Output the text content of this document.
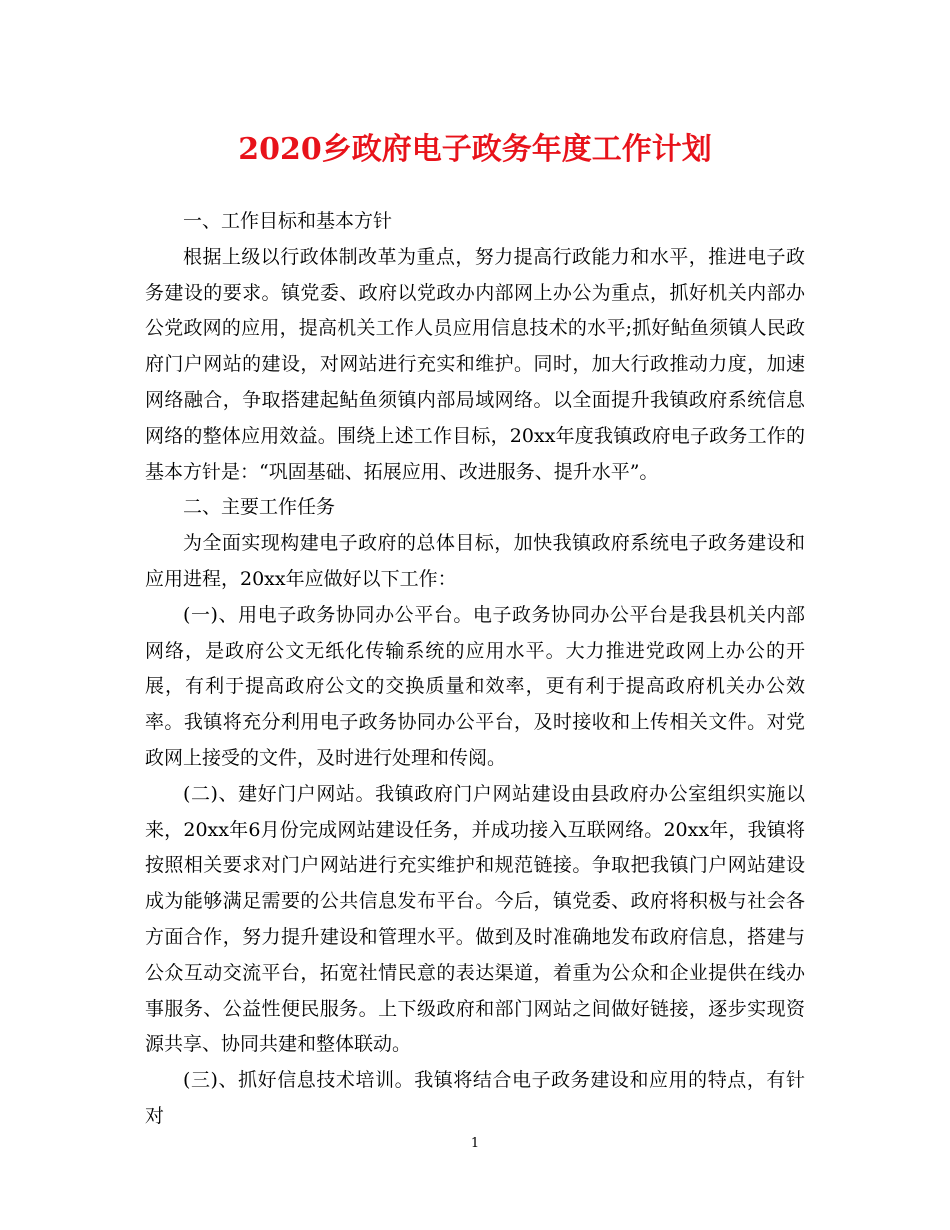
2020乡政府电子政务年度工作计划

一、工作目标和基本方针

根据上级以行政体制改革为重点，努力提高行政能力和水平，推进电子政务建设的要求。镇党委、政府以党政办内部网上办公为重点，抓好机关内部办公党政网的应用，提高机关工作人员应用信息技术的水平;抓好鲇鱼须镇人民政府门户网站的建设，对网站进行充实和维护。同时，加大行政推动力度，加速网络融合，争取搭建起鲇鱼须镇内部局域网络。以全面提升我镇政府系统信息网络的整体应用效益。围绕上述工作目标，20xx年度我镇政府电子政务工作的基本方针是：“巩固基础、拓展应用、改进服务、提升水平”。

二、主要工作任务

为全面实现构建电子政府的总体目标，加快我镇政府系统电子政务建设和应用进程，20xx年应做好以下工作：

(一)、用电子政务协同办公平台。电子政务协同办公平台是我县机关内部网络，是政府公文无纸化传输系统的应用水平。大力推进党政网上办公的开展，有利于提高政府公文的交换质量和效率，更有利于提高政府机关办公效率。我镇将充分利用电子政务协同办公平台，及时接收和上传相关文件。对党政网上接受的文件，及时进行处理和传阅。

(二)、建好门户网站。我镇政府门户网站建设由县政府办公室组织实施以来，20xx年6月份完成网站建设任务，并成功接入互联网络。20xx年，我镇将按照相关要求对门户网站进行充实维护和规范链接。争取把我镇门户网站建设成为能够满足需要的公共信息发布平台。今后，镇党委、政府将积极与社会各方面合作，努力提升建设和管理水平。做到及时准确地发布政府信息，搭建与公众互动交流平台，拓宽社情民意的表达渠道，着重为公众和企业提供在线办事服务、公益性便民服务。上下级政府和部门网站之间做好链接，逐步实现资源共享、协同共建和整体联动。

(三)、抓好信息技术培训。我镇将结合电子政务建设和应用的特点，有针对

1
